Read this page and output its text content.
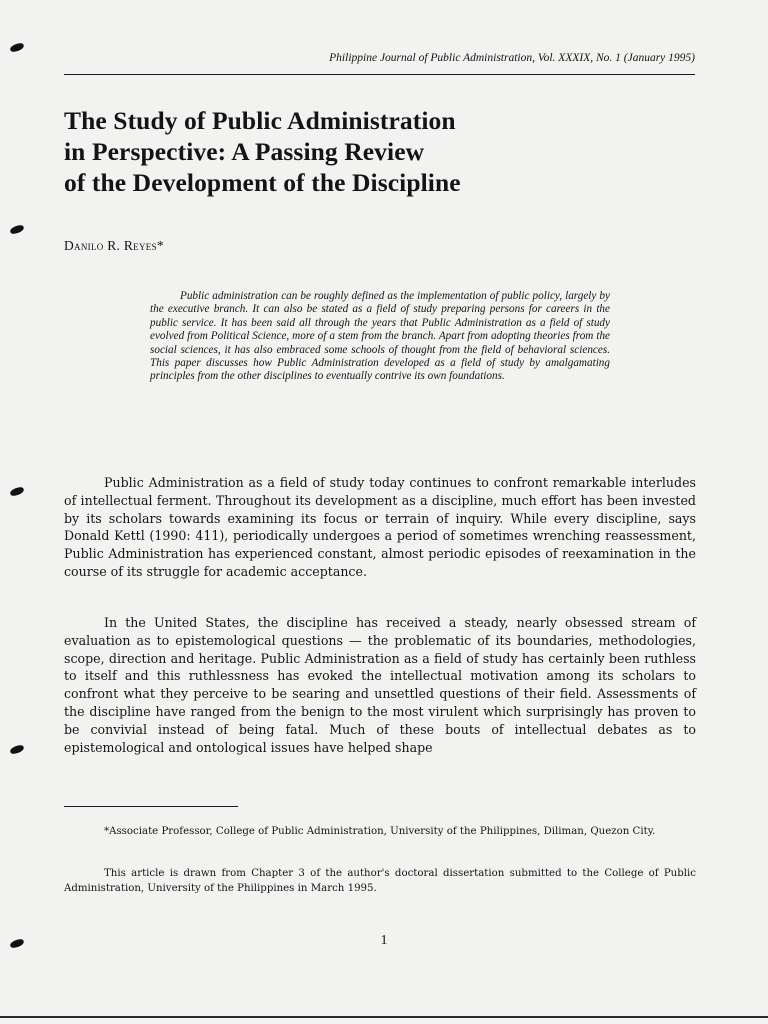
Philippine Journal of Public Administration, Vol. XXXIX, No. 1 (January 1995)
The Study of Public Administration
in Perspective: A Passing Review
of the Development of the Discipline

Danilo R. Reyes*

Public administration can be roughly defined as the implementation of public policy, largely by the executive branch. It can also be stated as a field of study preparing persons for careers in the public service. It has been said all through the years that Public Administration as a field of study evolved from Political Science, more of a stem from the branch. Apart from adopting theories from the social sciences, it has also embraced some schools of thought from the field of behavioral sciences. This paper discusses how Public Administration developed as a field of study by amalgamating principles from the other disciplines to eventually contrive its own foundations.

Public Administration as a field of study today continues to confront remarkable interludes of intellectual ferment. Throughout its development as a discipline, much effort has been invested by its scholars towards examining its focus or terrain of inquiry. While every discipline, says Donald Kettl (1990: 411), periodically undergoes a period of sometimes wrenching reassessment, Public Administration has experienced constant, almost periodic episodes of reexamination in the course of its struggle for academic acceptance.

In the United States, the discipline has received a steady, nearly obsessed stream of evaluation as to epistemological questions — the problematic of its boundaries, methodologies, scope, direction and heritage. Public Administration as a field of study has certainly been ruthless to itself and this ruthlessness has evoked the intellectual motivation among its scholars to confront what they perceive to be searing and unsettled questions of their field. Assessments of the discipline have ranged from the benign to the most virulent which surprisingly has proven to be convivial instead of being fatal. Much of these bouts of intellectual debates as to epistemological and ontological issues have helped shape

*Associate Professor, College of Public Administration, University of the Philippines, Diliman, Quezon City.

This article is drawn from Chapter 3 of the author's doctoral dissertation submitted to the College of Public Administration, University of the Philippines in March 1995.

1
